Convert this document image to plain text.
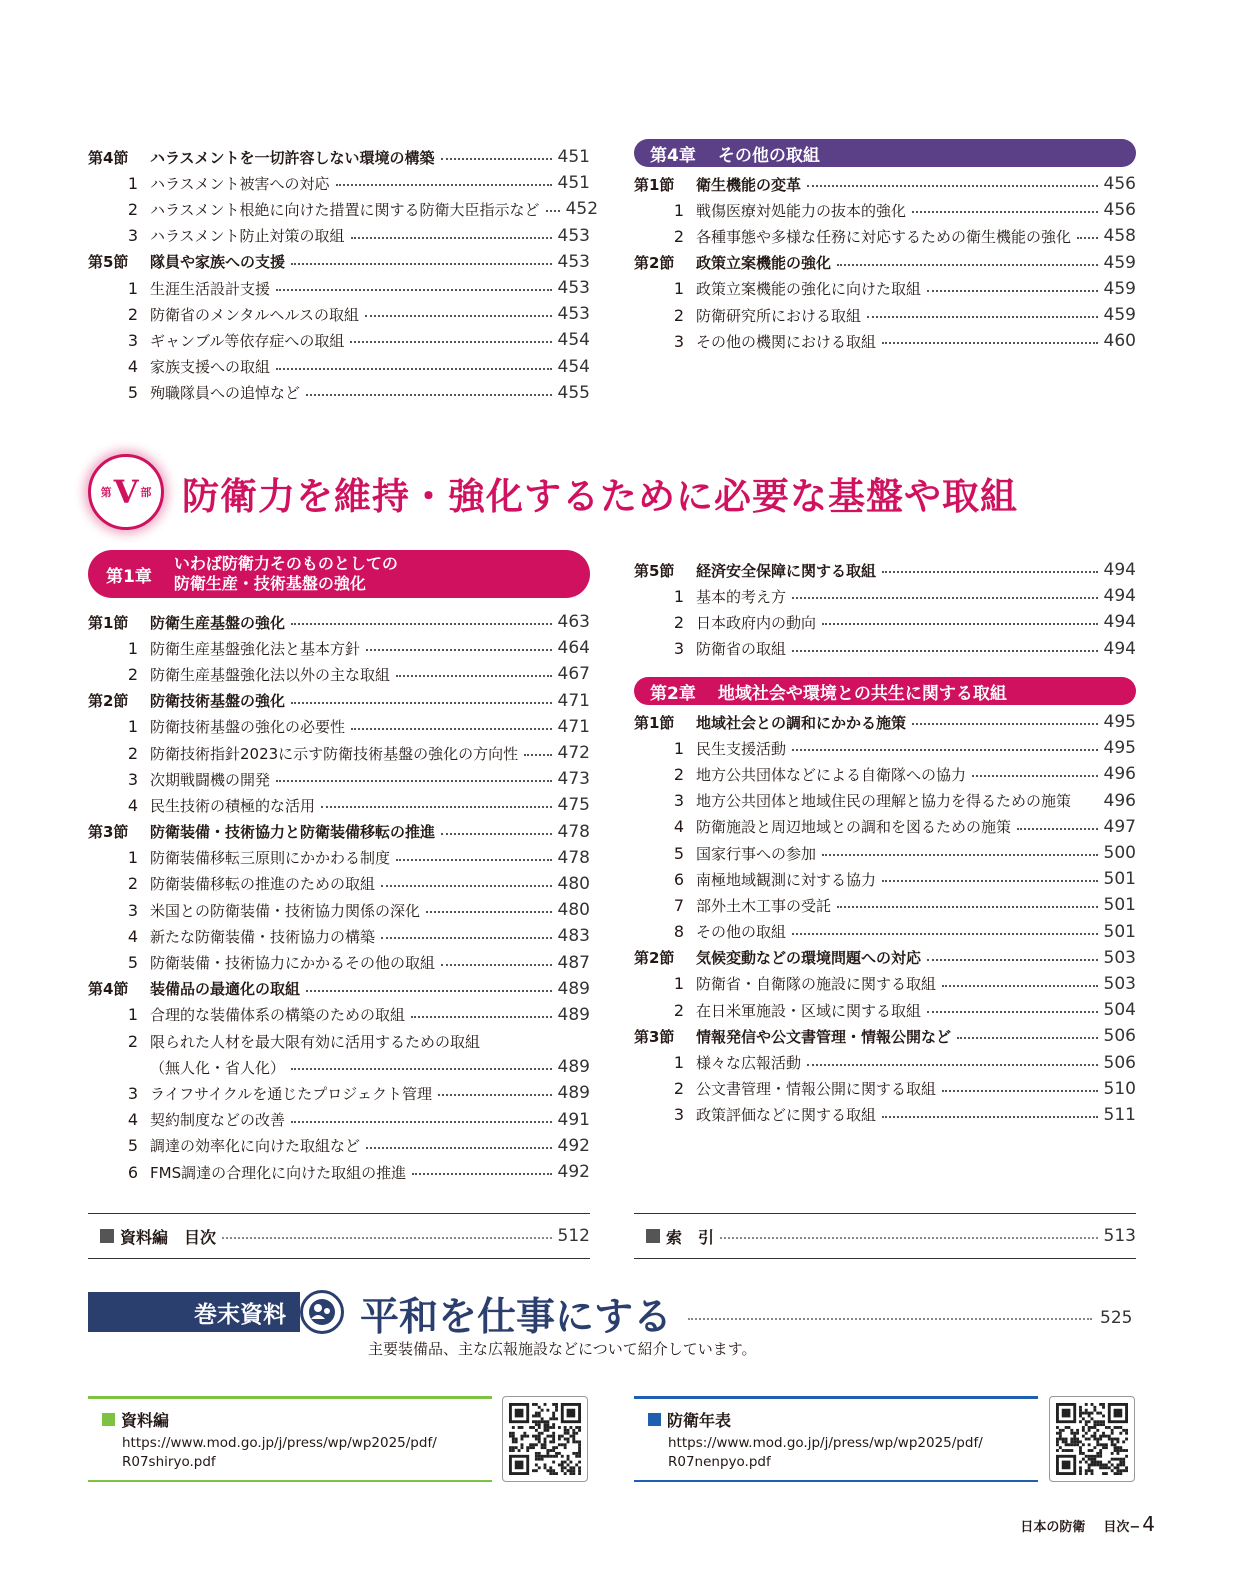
第4節	ハラスメントを一切許容しない環境の構築	451
1 ハラスメント被害への対応	451
2 ハラスメント根絶に向けた措置に関する防衛大臣指示など 452
3 ハラスメント防止対策の取組	453
第5節	隊員や家族への支援	453
1 生涯生活設計支援	453
2 防衛省のメンタルヘルスの取組	453
3 ギャンブル等依存症への取組	454
4 家族支援への取組	454
5 殉職隊員への追悼など	455
第4章 その他の取組
第1節	衛生機能の変革	456
1 戦傷医療対処能力の抜本的強化	456
2 各種事態や多様な任務に対応するための衛生機能の強化 458
第2節	政策立案機能の強化	459
1 政策立案機能の強化に向けた取組	459
2 防衛研究所における取組	459
3 その他の機関における取組	460
第 V 部 防衛力を維持・強化するために必要な基盤や取組
第1章
いわば防衛力そのものとしての
防衛生産・技術基盤の強化
第1節	防衛生産基盤の強化	463
1 防衛生産基盤強化法と基本方針	464
2 防衛生産基盤強化法以外の主な取組	467
第2節	防衛技術基盤の強化	471
1 防衛技術基盤の強化の必要性	471
2 防衛技術指針2023に示す防衛技術基盤の強化の方向性 472
3 次期戦闘機の開発	473
4 民生技術の積極的な活用	475
第3節	防衛装備・技術協力と防衛装備移転の推進	478
1 防衛装備移転三原則にかかわる制度	478
2 防衛装備移転の推進のための取組	480
3 米国との防衛装備・技術協力関係の深化	480
4 新たな防衛装備・技術協力の構築	483
5 防衛装備・技術協力にかかるその他の取組	487
第4節	装備品の最適化の取組	489
1 合理的な装備体系の構築のための取組	489
2 限られた人材を最大限有効に活用するための取組
（無人化・省人化）	489
3 ライフサイクルを通じたプロジェクト管理	489
4 契約制度などの改善	491
5 調達の効率化に向けた取組など	492
6 FMS調達の合理化に向けた取組の推進	492
第5節	経済安全保障に関する取組	494
1 基本的考え方	494
2 日本政府内の動向	494
3 防衛省の取組	494
第2章 地域社会や環境との共生に関する取組
第1節	地域社会との調和にかかる施策	495
1 民生支援活動	495
2 地方公共団体などによる自衛隊への協力	496
3 地方公共団体と地域住民の理解と協力を得るための施策 496
4 防衛施設と周辺地域との調和を図るための施策	497
5 国家行事への参加	500
6 南極地域観測に対する協力	501
7 部外土木工事の受託	501
8 その他の取組	501
第2節	気候変動などの環境問題への対応	503
1 防衛省・自衛隊の施設に関する取組	503
2 在日米軍施設・区域に関する取組	504
第3節	情報発信や公文書管理・情報公開など	506
1 様々な広報活動	506
2 公文書管理・情報公開に関する取組	510
3 政策評価などに関する取組	511
資料編　目次	512	索　引	513
巻末資料	平和を仕事にする	525
主要装備品、主な広報施設などについて紹介しています。
資料編
https://www.mod.go.jp/j/press/wp/wp2025/pdf/
R07shiryo.pdf
防衛年表
https://www.mod.go.jp/j/press/wp/wp2025/pdf/
R07nenpyo.pdf
日本の防衛 目次− 4
